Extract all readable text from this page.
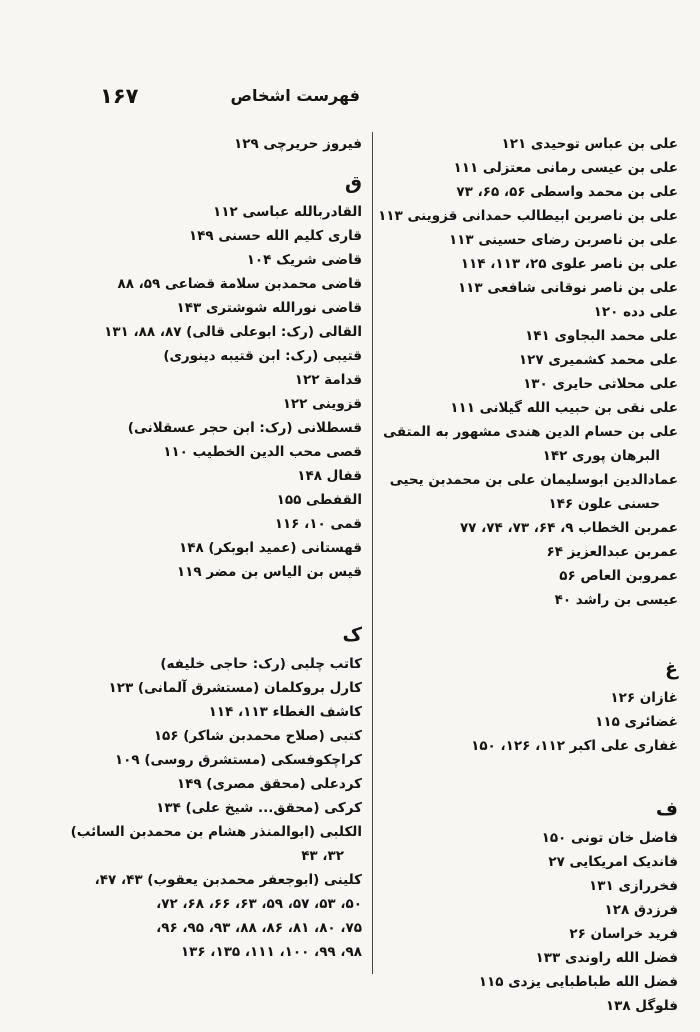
۱۶۷	فهرست اشخاص
علی بن عباس توحیدی ۱۲۱
علی بن عیسی رمانی معتزلی ۱۱۱
علی بن محمد واسطی ۵۶، ۶۵، ۷۳
علی بن ناصربن ابیطالب حمدانی قزوینی ۱۱۳
علی بن ناصربن رضای حسینی ۱۱۳
علی بن ناصر علوی ۲۵، ۱۱۳، ۱۱۴
علی بن ناصر نوقانی شافعی ۱۱۳
علی دده ۱۲۰
علی محمد البجاوی ۱۴۱
علی محمد کشمیری ۱۲۷
علی محلاتی حایری ۱۳۰
علی نقی بن حبیب الله گیلانی ۱۱۱
علی بن حسام الدین هندی مشهور به المتقی
البرهان پوری ۱۴۲
عمادالدین ابوسلیمان علی بن محمدبن یحیی
حسنی علون ۱۴۶
عمربن الخطاب ۹، ۶۴، ۷۳، ۷۴، ۷۷
عمربن عبدالعزیز ۶۴
عمروبن العاص ۵۶
عیسی بن راشد ۴۰
غ
غازان ۱۲۶
غضائری ۱۱۵
غفاری علی اکبر ۱۱۲، ۱۲۶، ۱۵۰
ف
فاضل خان تونی ۱۵۰
فاندیک امریکایی ۲۷
فخررازی ۱۳۱
فرزدق ۱۲۸
فرید خراسان ۲۶
فضل الله راوندی ۱۳۳
فضل الله طباطبایی یزدی ۱۱۵
فلوگل ۱۳۸
فیروز حریرچی ۱۲۹
ق
القادربالله عباسی ۱۱۲
قاری کلیم الله حسنی ۱۴۹
قاضی شریک ۱۰۴
قاضی محمدبن سلامة قضاعی ۵۹، ۸۸
قاضی نورالله شوشتری ۱۴۳
القالی (رک: ابوعلی قالی) ۸۷، ۸۸، ۱۳۱
قتیبی (رک: ابن قتیبه دینوری)
قدامة ۱۲۲
قزوینی ۱۲۲
قسطلانی (رک: ابن حجر عسقلانی)
قصی محب الدین الخطیب ۱۱۰
قفال ۱۴۸
القفطی ۱۵۵
قمی ۱۰، ۱۱۶
قهستانی (عمید ابوبکر) ۱۴۸
قیس بن الیاس بن مضر ۱۱۹
ک
کاتب چلبی (رک: حاجی خلیفه)
کارل بروکلمان (مستشرق آلمانی) ۱۲۳
کاشف الغطاء ۱۱۳، ۱۱۴
کتبی (صلاح محمدبن شاکر) ۱۵۶
کراچکوفسکی (مستشرق روسی) ۱۰۹
کردعلی (محقق مصری) ۱۴۹
کرکی (محقق... شیخ علی) ۱۳۴
الکلبی (ابوالمنذر هشام بن محمدبن السائب)
۳۲، ۴۳
کلینی (ابوجعفر محمدبن یعقوب) ۴۳، ۴۷،
۵۰، ۵۳، ۵۷، ۵۹، ۶۳، ۶۶، ۶۸، ۷۲،
۷۵، ۸۰، ۸۱، ۸۶، ۸۸، ۹۳، ۹۵، ۹۶،
۹۸، ۹۹، ۱۰۰، ۱۱۱، ۱۳۵، ۱۳۶
